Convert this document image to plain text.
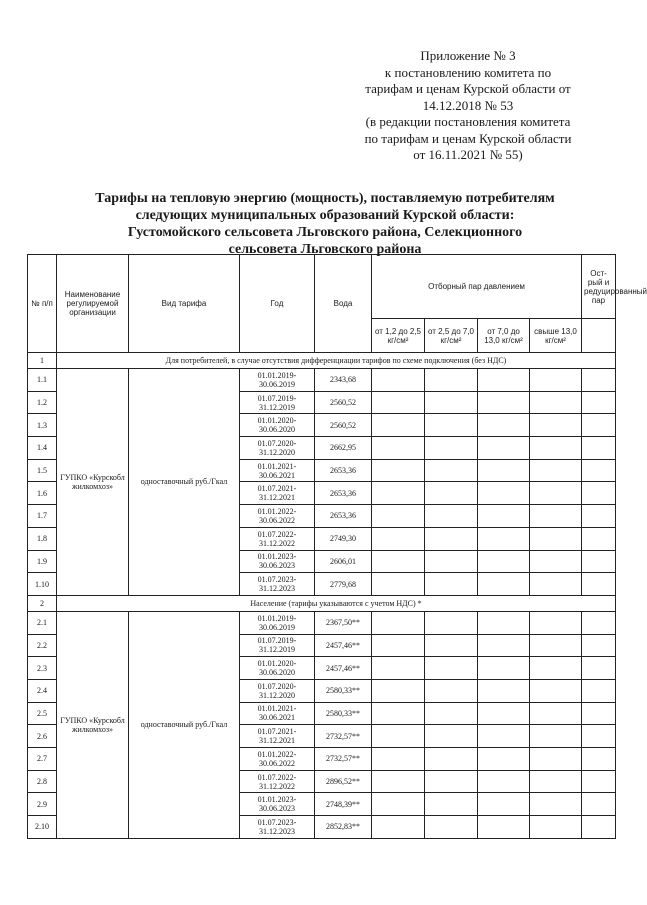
Приложение № 3
к постановлению комитета по
тарифам и ценам Курской области от
14.12.2018 № 53
(в редакции постановления комитета
по тарифам и ценам Курской области
от 16.11.2021 № 55)
Тарифы на тепловую энергию (мощность), поставляемую потребителям
следующих муниципальных образований Курской области:
Густомойского сельсовета Льговского района, Селекционного
сельсовета Льговского района
№ п/п	Наименование регулируемой организации	Вид тарифа	Год	Вода	Отборный пар давлением				Ост-рый и редуцированный пар
					от 1,2 до 2,5 кг/см²	от 2,5 до 7,0 кг/см²	от 7,0 до 13,0 кг/см²	свыше 13,0 кг/см²	
1	Для потребителей, в случае отсутствия дифференциации тарифов по схеме подключения (без НДС)								
1.1	ГУПКО «Курскобл жилкомхоз»	одноставочный руб./Гкал	01.01.2019-30.06.2019	2343,68					
1.2			01.07.2019-31.12.2019	2560,52					
1.3			01.01.2020-30.06.2020	2560,52					
1.4			01.07.2020-31.12.2020	2662,95					
1.5			01.01.2021-30.06.2021	2653,36					
1.6			01.07.2021-31.12.2021	2653,36					
1.7			01.01.2022-30.06.2022	2653,36					
1.8			01.07.2022-31.12.2022	2749,30					
1.9			01.01.2023-30.06.2023	2606,01					
1.10			01.07.2023-31.12.2023	2779,68					
2	Население (тарифы указываются с учетом НДС) *								
2.1	ГУПКО «Курскобл жилкомхоз»	одноставочный руб./Гкал	01.01.2019-30.06.2019	2367,50**					
2.2			01.07.2019-31.12.2019	2457,46**					
2.3			01.01.2020-30.06.2020	2457,46**					
2.4			01.07.2020-31.12.2020	2580,33**					
2.5			01.01.2021-30.06.2021	2580,33**					
2.6			01.07.2021-31.12.2021	2732,57**					
2.7			01.01.2022-30.06.2022	2732,57**					
2.8			01.07.2022-31.12.2022	2896,52**					
2.9			01.01.2023-30.06.2023	2748,39**					
2.10			01.07.2023-31.12.2023	2852,83**					
